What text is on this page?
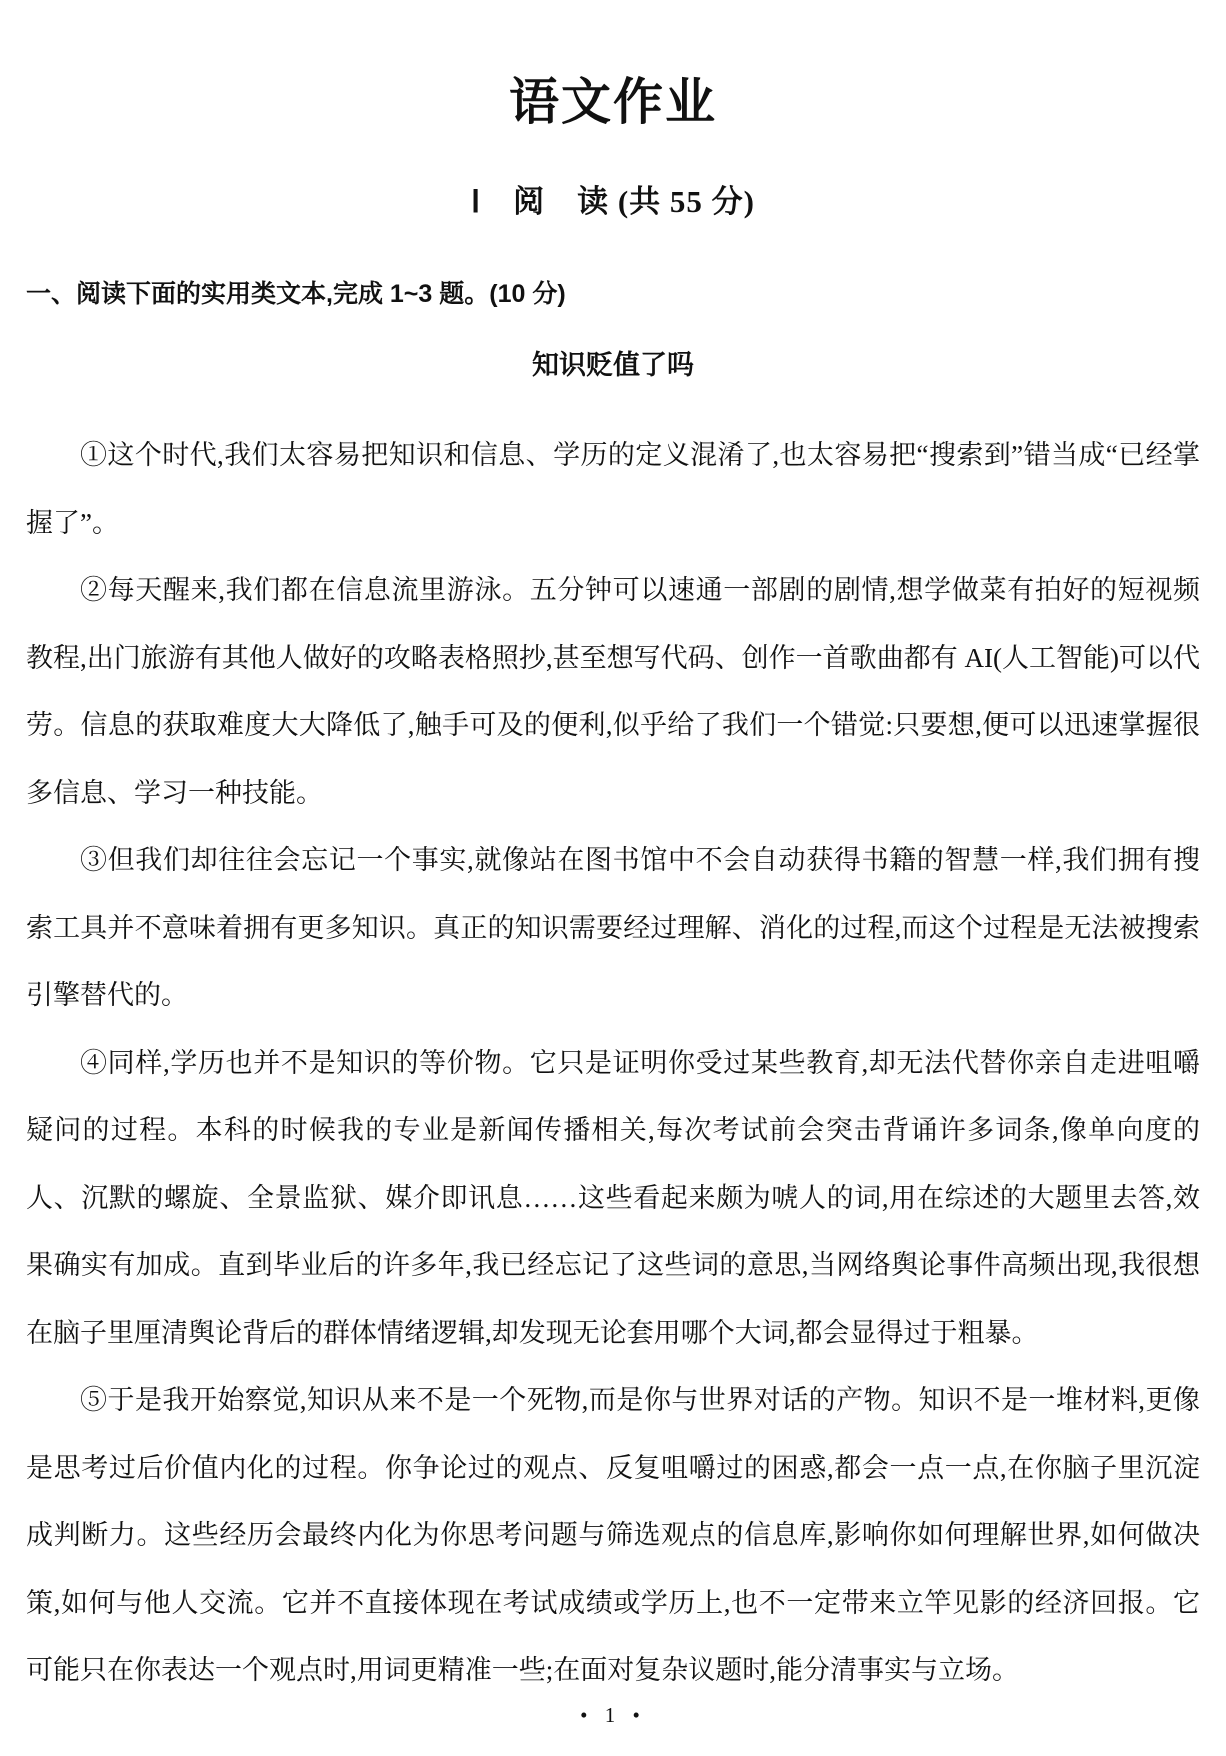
语文作业
Ⅰ　阅　读 (共 55 分)

一、阅读下面的实用类文本,完成 1~3 题。(10 分)

知识贬值了吗

①这个时代,我们太容易把知识和信息、学历的定义混淆了,也太容易把“搜索到”错当成“已经掌握了”。

②每天醒来,我们都在信息流里游泳。五分钟可以速通一部剧的剧情,想学做菜有拍好的短视频教程,出门旅游有其他人做好的攻略表格照抄,甚至想写代码、创作一首歌曲都有 AI(人工智能)可以代劳。信息的获取难度大大降低了,触手可及的便利,似乎给了我们一个错觉:只要想,便可以迅速掌握很多信息、学习一种技能。

③但我们却往往会忘记一个事实,就像站在图书馆中不会自动获得书籍的智慧一样,我们拥有搜索工具并不意味着拥有更多知识。真正的知识需要经过理解、消化的过程,而这个过程是无法被搜索引擎替代的。

④同样,学历也并不是知识的等价物。它只是证明你受过某些教育,却无法代替你亲自走进咀嚼疑问的过程。本科的时候我的专业是新闻传播相关,每次考试前会突击背诵许多词条,像单向度的人、沉默的螺旋、全景监狱、媒介即讯息……这些看起来颇为唬人的词,用在综述的大题里去答,效果确实有加成。直到毕业后的许多年,我已经忘记了这些词的意思,当网络舆论事件高频出现,我很想在脑子里厘清舆论背后的群体情绪逻辑,却发现无论套用哪个大词,都会显得过于粗暴。

⑤于是我开始察觉,知识从来不是一个死物,而是你与世界对话的产物。知识不是一堆材料,更像是思考过后价值内化的过程。你争论过的观点、反复咀嚼过的困惑,都会一点一点,在你脑子里沉淀成判断力。这些经历会最终内化为你思考问题与筛选观点的信息库,影响你如何理解世界,如何做决策,如何与他人交流。它并不直接体现在考试成绩或学历上,也不一定带来立竿见影的经济回报。它可能只在你表达一个观点时,用词更精准一些;在面对复杂议题时,能分清事实与立场。

• 1 •
